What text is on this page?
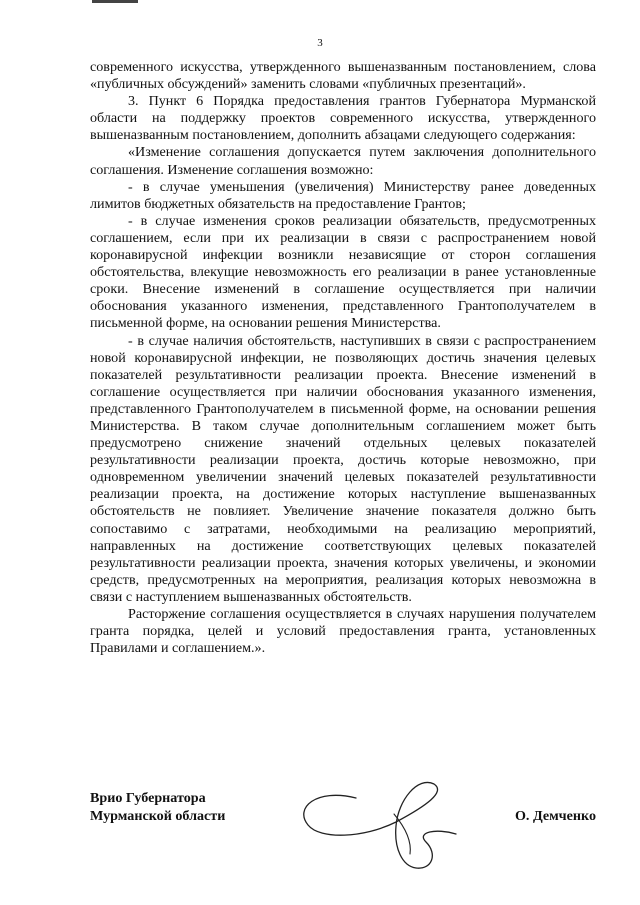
3

современного искусства, утвержденного вышеназванным постановлением, слова «публичных обсуждений» заменить словами «публичных презентаций».

3. Пункт 6 Порядка предоставления грантов Губернатора Мурманской области на поддержку проектов современного искусства, утвержденного вышеназванным постановлением, дополнить абзацами следующего содержания:

«Изменение соглашения допускается путем заключения дополнительного соглашения. Изменение соглашения возможно:

- в случае уменьшения (увеличения) Министерству ранее доведенных лимитов бюджетных обязательств на предоставление Грантов;

- в случае изменения сроков реализации обязательств, предусмотренных соглашением, если при их реализации в связи с распространением новой коронавирусной инфекции возникли независящие от сторон соглашения обстоятельства, влекущие невозможность его реализации в ранее установленные сроки. Внесение изменений в соглашение осуществляется при наличии обоснования указанного изменения, представленного Грантополучателем в письменной форме, на основании решения Министерства.

- в случае наличия обстоятельств, наступивших в связи с распространением новой коронавирусной инфекции, не позволяющих достичь значения целевых показателей результативности реализации проекта. Внесение изменений в соглашение осуществляется при наличии обоснования указанного изменения, представленного Грантополучателем в письменной форме, на основании решения Министерства. В таком случае дополнительным соглашением может быть предусмотрено снижение значений отдельных целевых показателей результативности реализации проекта, достичь которые невозможно, при одновременном увеличении значений целевых показателей результативности реализации проекта, на достижение которых наступление вышеназванных обстоятельств не повлияет. Увеличение значение показателя должно быть сопоставимо с затратами, необходимыми на реализацию мероприятий, направленных на достижение соответствующих целевых показателей результативности реализации проекта, значения которых увеличены, и экономии средств, предусмотренных на мероприятия, реализация которых невозможна в связи с наступлением вышеназванных обстоятельств.

Расторжение соглашения осуществляется в случаях нарушения получателем гранта порядка, целей и условий предоставления гранта, установленных Правилами и соглашением.».

Врио Губернатора
Мурманской области	О. Демченко
